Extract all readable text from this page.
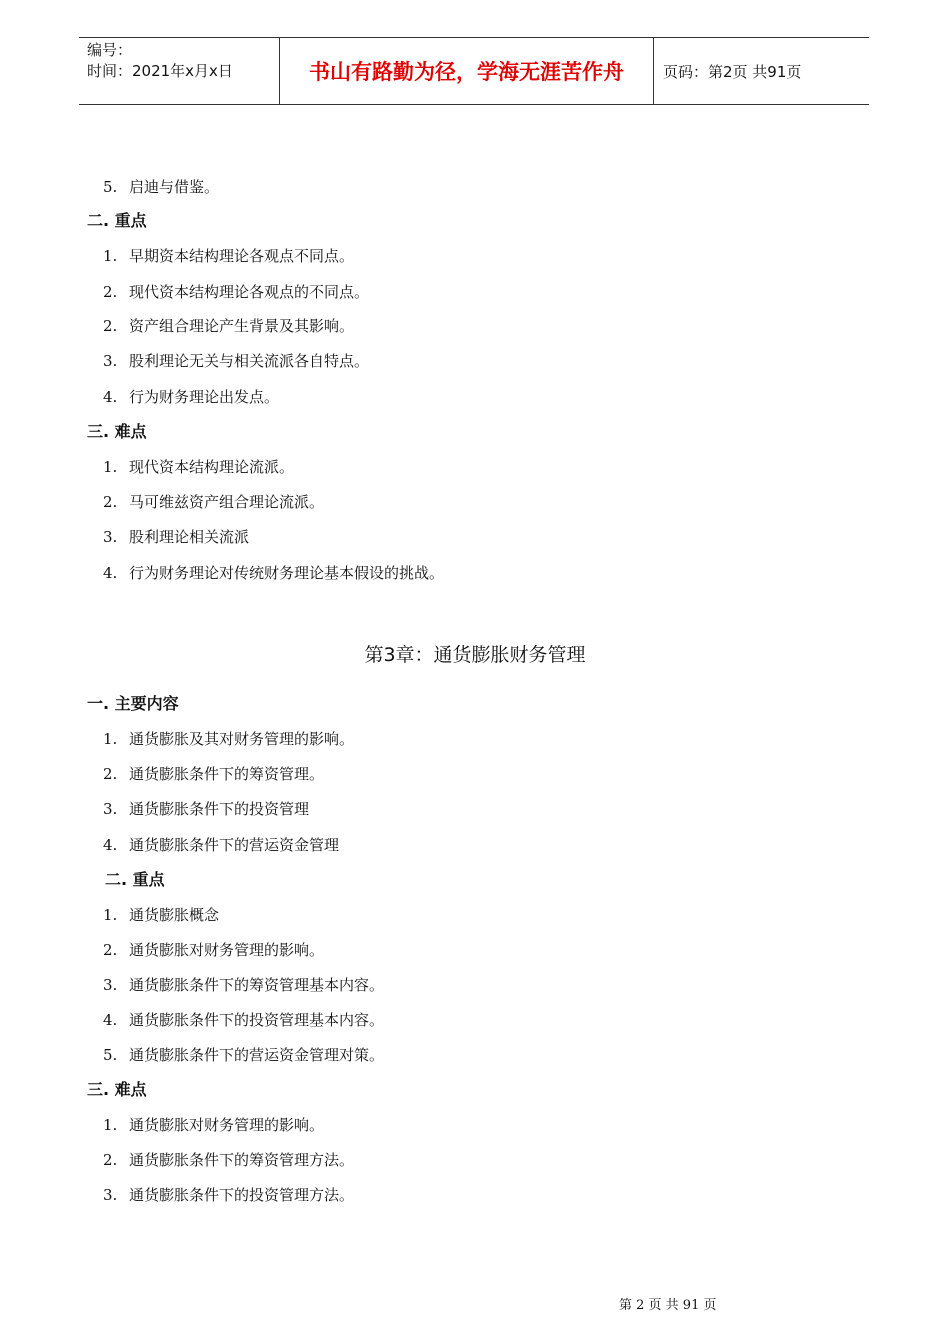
编号：
时间：2021年x月x日	书山有路勤为径，学海无涯苦作舟	页码：第2页 共91页
5. 启迪与借鉴。
二. 重点
1. 早期资本结构理论各观点不同点。
2. 现代资本结构理论各观点的不同点。
2. 资产组合理论产生背景及其影响。
3. 股利理论无关与相关流派各自特点。
4. 行为财务理论出发点。
三. 难点
1. 现代资本结构理论流派。
2. 马可维兹资产组合理论流派。
3. 股利理论相关流派
4. 行为财务理论对传统财务理论基本假设的挑战。
第3章：通货膨胀财务管理
一. 主要内容
1. 通货膨胀及其对财务管理的影响。
2. 通货膨胀条件下的筹资管理。
3. 通货膨胀条件下的投资管理
4. 通货膨胀条件下的营运资金管理
二. 重点
1. 通货膨胀概念
2. 通货膨胀对财务管理的影响。
3. 通货膨胀条件下的筹资管理基本内容。
4. 通货膨胀条件下的投资管理基本内容。
5. 通货膨胀条件下的营运资金管理对策。
三. 难点
1. 通货膨胀对财务管理的影响。
2. 通货膨胀条件下的筹资管理方法。
3. 通货膨胀条件下的投资管理方法。
第 2 页 共 91 页
